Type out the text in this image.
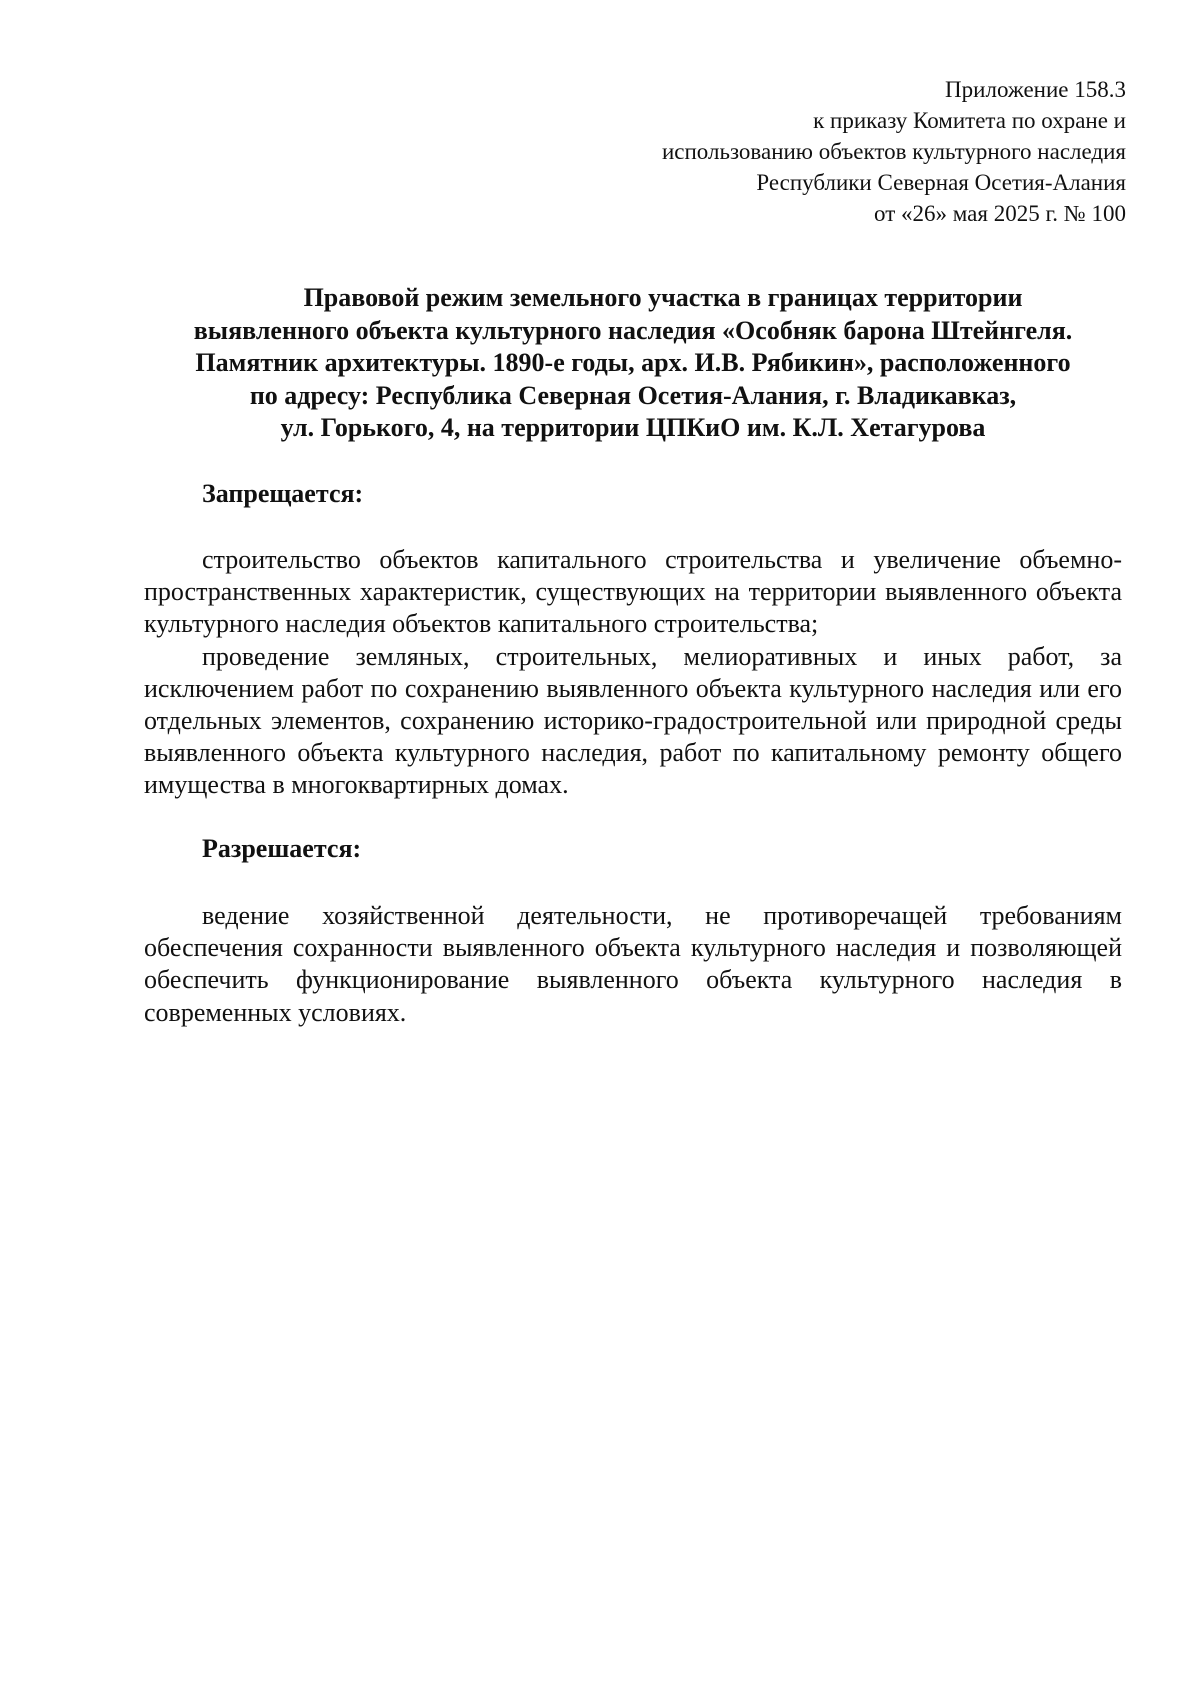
Приложение 158.3
к приказу Комитета по охране и
использованию объектов культурного наследия
Республики Северная Осетия-Алания
от «26» мая 2025 г. № 100
Правовой режим земельного участка в границах территории
выявленного объекта культурного наследия «Особняк барона Штейнгеля.
Памятник архитектуры. 1890-е годы, арх. И.В. Рябикин», расположенного
по адресу: Республика Северная Осетия-Алания, г. Владикавказ,
ул. Горького, 4, на территории ЦПКиО им. К.Л. Хетагурова
Запрещается:

строительство объектов капитального строительства и увеличение объемно-пространственных характеристик, существующих на территории выявленного объекта культурного наследия объектов капитального строительства;

проведение земляных, строительных, мелиоративных и иных работ, за исключением работ по сохранению выявленного объекта культурного наследия или его отдельных элементов, сохранению историко-градостроительной или природной среды выявленного объекта культурного наследия, работ по капитальному ремонту общего имущества в многоквартирных домах.

Разрешается:

ведение хозяйственной деятельности, не противоречащей требованиям обеспечения сохранности выявленного объекта культурного наследия и позволяющей обеспечить функционирование выявленного объекта культурного наследия в современных условиях.
